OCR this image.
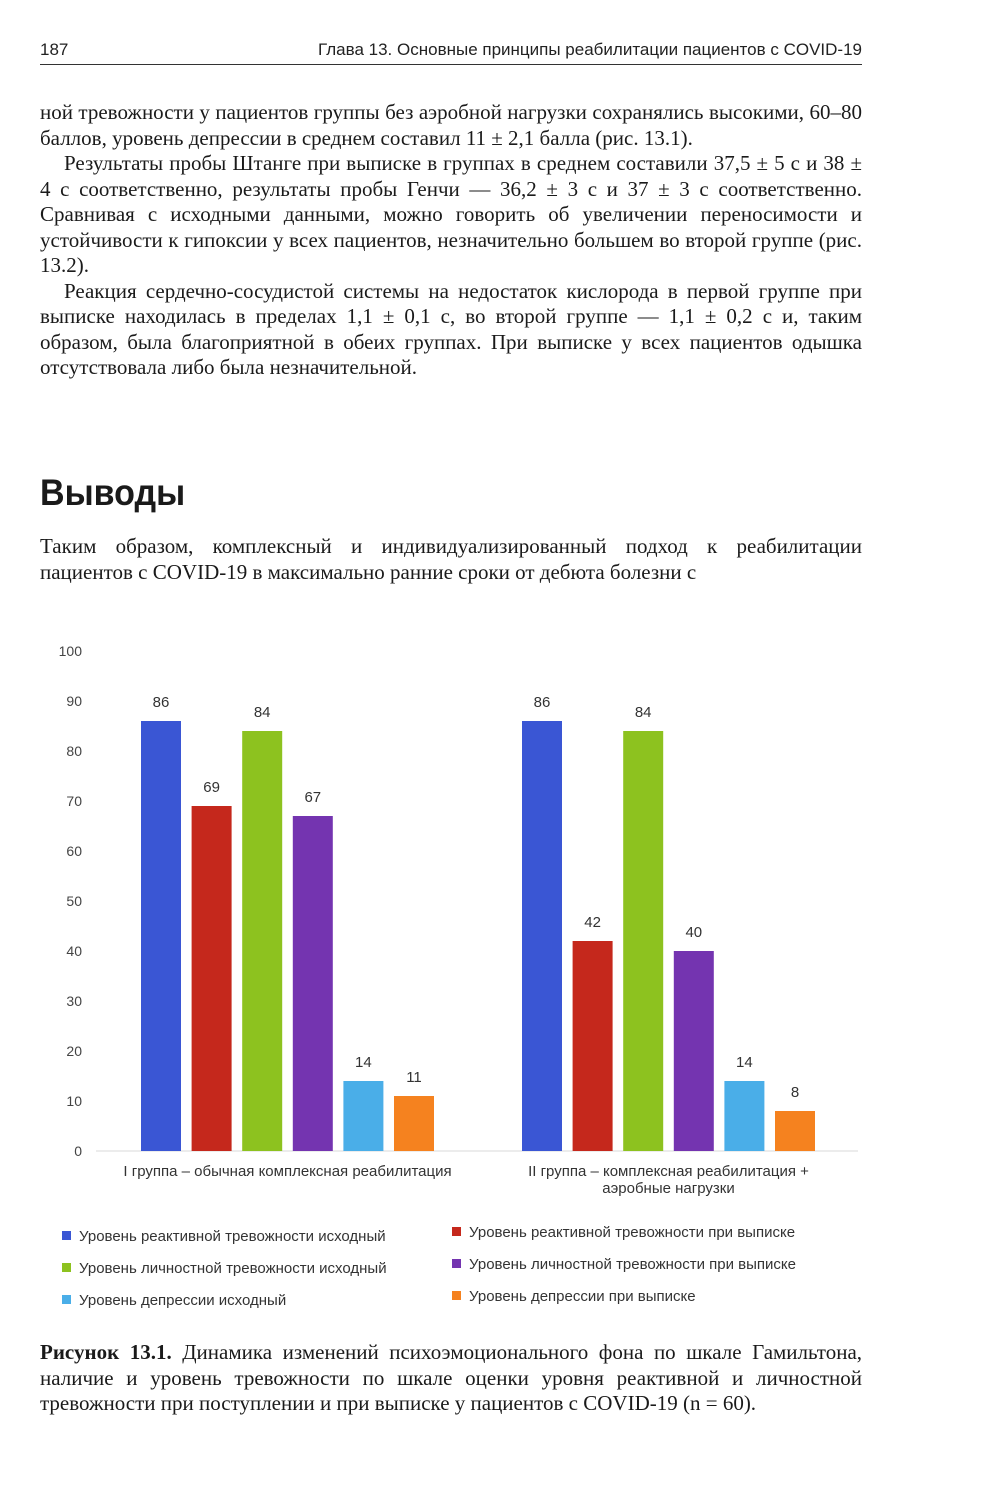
187	Глава 13. Основные принципы реабилитации пациентов с COVID-19

ной тревожности у пациентов группы без аэробной нагрузки сохранялись высокими, 60–80 баллов, уровень депрессии в среднем составил 11 ± 2,1 балла (рис. 13.1).

Результаты пробы Штанге при выписке в группах в среднем составили 37,5 ± 5 с и 38 ± 4 с соответственно, результаты пробы Генчи — 36,2 ± 3 с и 37 ± 3 с соответственно. Сравнивая с исходными данными, можно говорить об увеличении переносимости и устойчивости к гипоксии у всех пациентов, незначительно большем во второй группе (рис. 13.2).

Реакция сердечно-сосудистой системы на недостаток кислорода в первой группе при выписке находилась в пределах 1,1 ± 0,1 с, во второй группе — 1,1 ± 0,2 с и, таким образом, была благоприятной в обеих группах. При выписке у всех пациентов одышка отсутствовала либо была незначительной.

Выводы

Таким образом, комплексный и индивидуализированный подход к реабилитации пациентов с COVID-19 в максимально ранние сроки от дебюта болезни с

0
10
20
30
40
50
60
70
80
90
100
86
69
84
67
14
11
I группа – обычная комплексная реабилитация
86
42
84
40
14
8
II группа – комплексная реабилитация +
аэробные нагрузки
Уровень реактивной тревожности исходный	Уровень реактивной тревожности при выписке
Уровень личностной тревожности исходный	Уровень личностной тревожности при выписке
Уровень депрессии исходный	Уровень депрессии при выписке
Рисунок 13.1. Динамика изменений психоэмоционального фона по шкале Гамильтона, наличие и уровень тревожности по шкале оценки уровня реактивной и личностной тревожности при поступлении и при выписке у пациентов с COVID-19 (n = 60).
